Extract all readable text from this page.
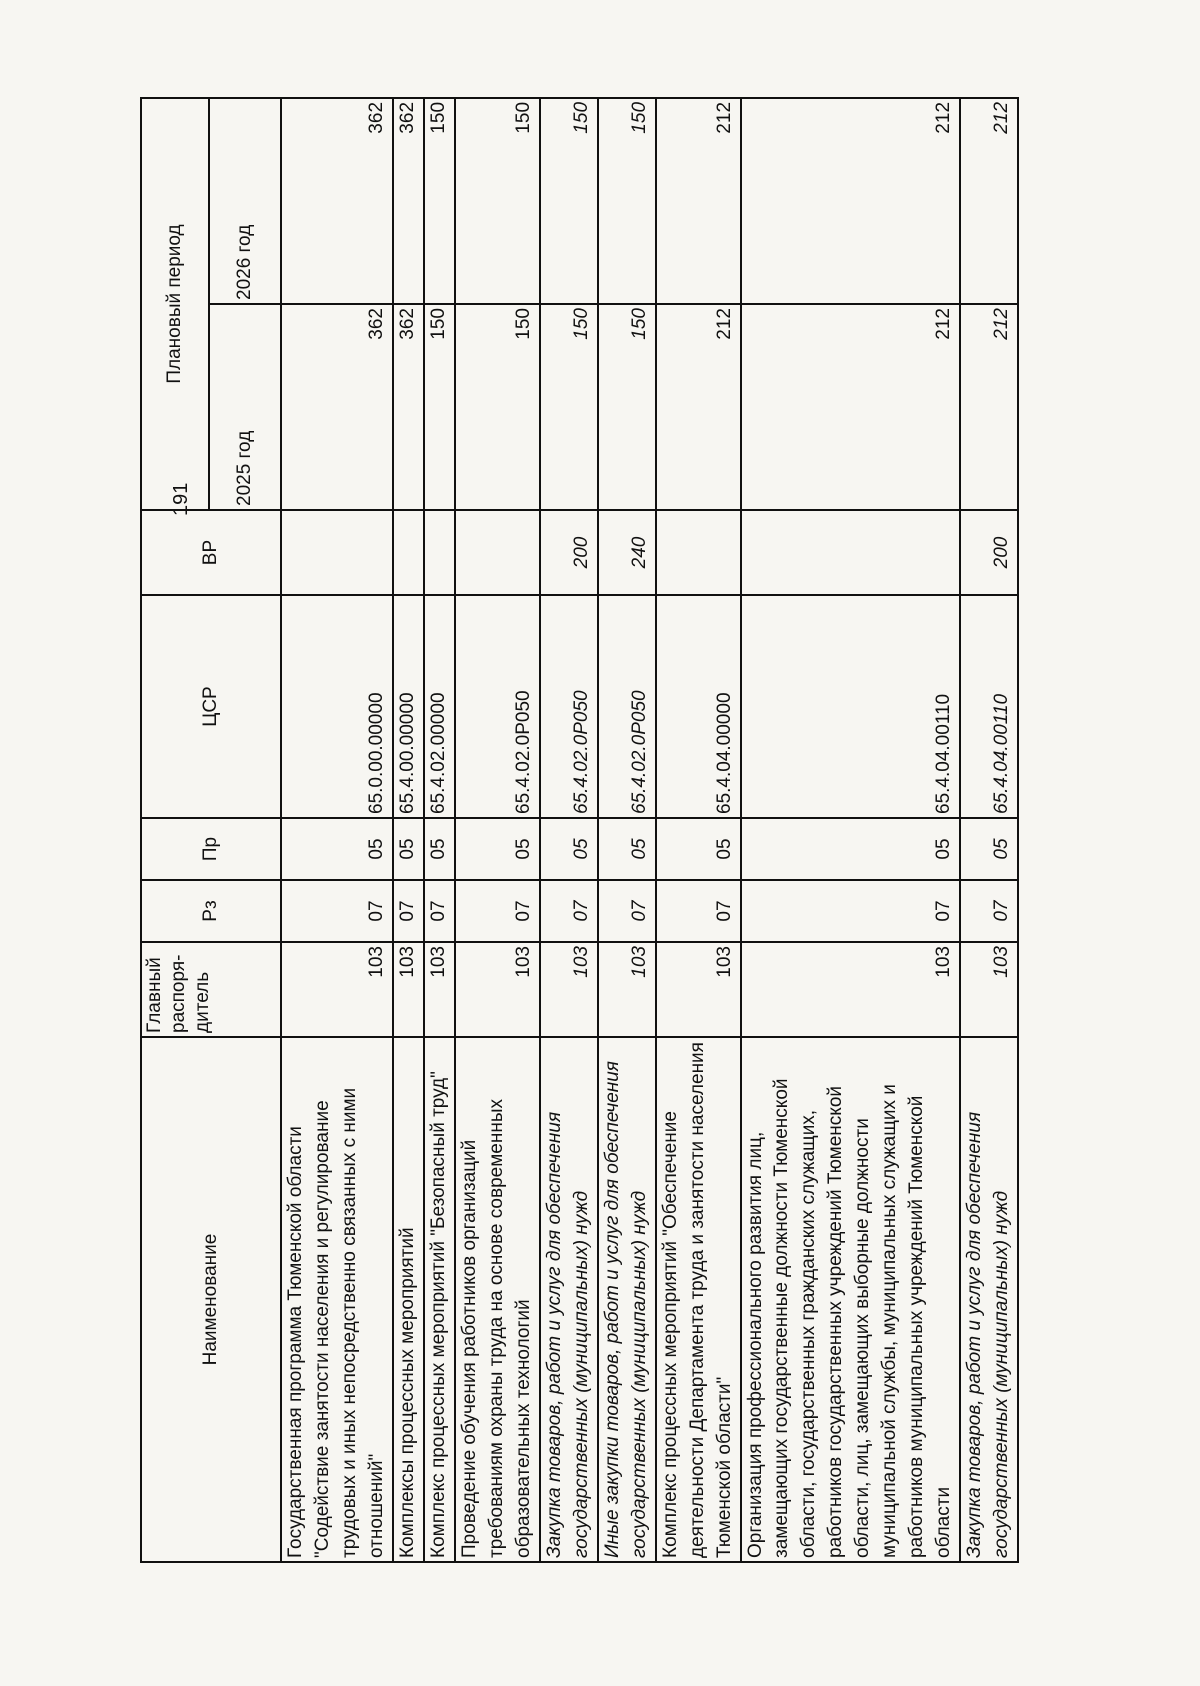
191
Наименование	Главный распоря-дитель	Рз	Пр	ЦСР	ВР	Плановый период	
						2025 год	2026 год
Государственная программа Тюменской области "Содействие занятости населения и регулирование трудовых и иных непосредственно связанных с ними отношений"	103	07	05	65.0.00.00000		362	362
Комплексы процессных мероприятий	103	07	05	65.4.00.00000		362	362
Комплекс процессных мероприятий "Безопасный труд"	103	07	05	65.4.02.00000		150	150
Проведение обучения работников организаций требованиям охраны труда на основе современных образовательных технологий	103	07	05	65.4.02.0Р050		150	150
Закупка товаров, работ и услуг для обеспечения государственных (муниципальных) нужд	103	07	05	65.4.02.0Р050	200	150	150
Иные закупки товаров, работ и услуг для обеспечения государственных (муниципальных) нужд	103	07	05	65.4.02.0Р050	240	150	150
Комплекс процессных мероприятий "Обеспечение деятельности Департамента труда и занятости населения Тюменской области"	103	07	05	65.4.04.00000		212	212
Организация профессионального развития лиц, замещающих государственные должности Тюменской области, государственных гражданских служащих, работников государственных учреждений Тюменской области, лиц, замещающих выборные должности муниципальной службы, муниципальных служащих и работников муниципальных учреждений Тюменской области	103	07	05	65.4.04.00110		212	212
Закупка товаров, работ и услуг для обеспечения государственных (муниципальных) нужд	103	07	05	65.4.04.00110	200	212	212
